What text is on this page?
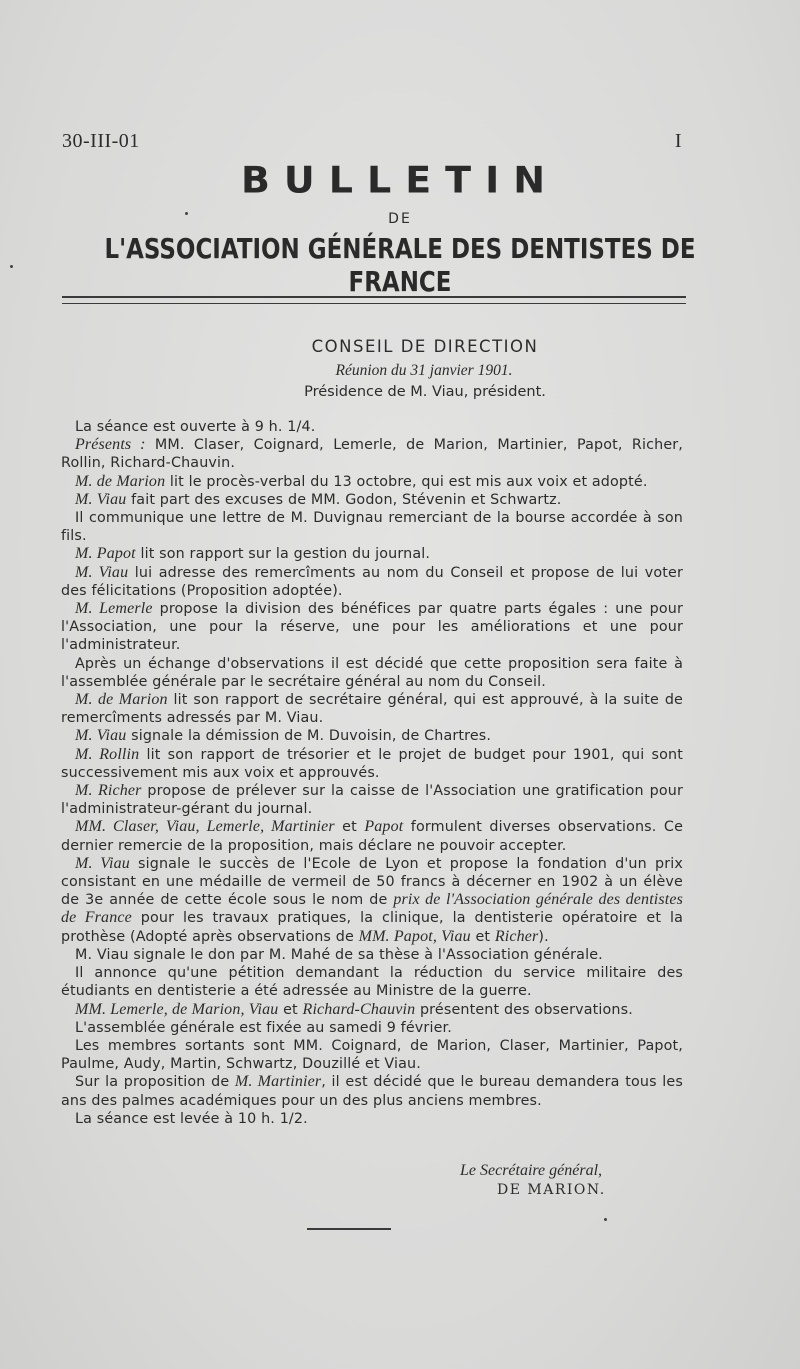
30-III-01	I
BULLETIN
DE
L'ASSOCIATION GÉNÉRALE DES DENTISTES DE FRANCE
CONSEIL DE DIRECTION
Réunion du 31 janvier 1901.
Présidence de M. Viau, président.

La séance est ouverte à 9 h. 1/4.

Présents : MM. Claser, Coignard, Lemerle, de Marion, Martinier, Papot, Richer, Rollin, Richard-Chauvin.

M. de Marion lit le procès-verbal du 13 octobre, qui est mis aux voix et adopté.

M. Viau fait part des excuses de MM. Godon, Stévenin et Schwartz.

Il communique une lettre de M. Duvignau remerciant de la bourse accordée à son fils.

M. Papot lit son rapport sur la gestion du journal.

M. Viau lui adresse des remercîments au nom du Conseil et propose de lui voter des félicitations (Proposition adoptée).

M. Lemerle propose la division des bénéfices par quatre parts égales : une pour l'Association, une pour la réserve, une pour les améliorations et une pour l'administrateur.

Après un échange d'observations il est décidé que cette proposition sera faite à l'assemblée générale par le secrétaire général au nom du Conseil.

M. de Marion lit son rapport de secrétaire général, qui est approuvé, à la suite de remercîments adressés par M. Viau.

M. Viau signale la démission de M. Duvoisin, de Chartres.

M. Rollin lit son rapport de trésorier et le projet de budget pour 1901, qui sont successivement mis aux voix et approuvés.

M. Richer propose de prélever sur la caisse de l'Association une gratification pour l'administrateur-gérant du journal.

MM. Claser, Viau, Lemerle, Martinier et Papot formulent diverses observations. Ce dernier remercie de la proposition, mais déclare ne pouvoir accepter.

M. Viau signale le succès de l'Ecole de Lyon et propose la fondation d'un prix consistant en une médaille de vermeil de 50 francs à décerner en 1902 à un élève de 3e année de cette école sous le nom de prix de l'Association générale des dentistes de France pour les travaux pratiques, la clinique, la dentisterie opératoire et la prothèse (Adopté après observations de MM. Papot, Viau et Richer).

M. Viau signale le don par M. Mahé de sa thèse à l'Association générale.

Il annonce qu'une pétition demandant la réduction du service militaire des étudiants en dentisterie a été adressée au Ministre de la guerre.

MM. Lemerle, de Marion, Viau et Richard-Chauvin présentent des observations.

L'assemblée générale est fixée au samedi 9 février.

Les membres sortants sont MM. Coignard, de Marion, Claser, Martinier, Papot, Paulme, Audy, Martin, Schwartz, Douzillé et Viau.

Sur la proposition de M. Martinier, il est décidé que le bureau demandera tous les ans des palmes académiques pour un des plus anciens membres.

La séance est levée à 10 h. 1/2.

Le Secrétaire général,
DE MARION.
